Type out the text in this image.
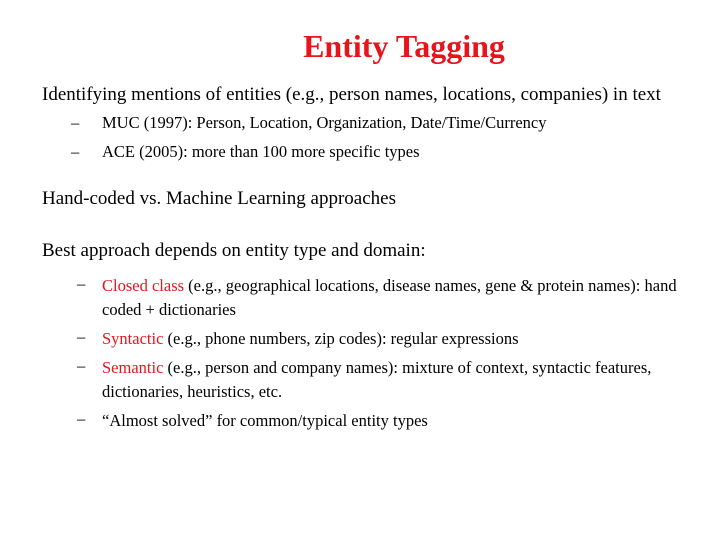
Entity Tagging

Identifying mentions of entities (e.g., person names, locations, companies) in text

– MUC (1997): Person, Location, Organization, Date/Time/Currency

– ACE (2005): more than 100 more specific types

Hand-coded vs. Machine Learning approaches

Best approach depends on entity type and domain:

– Closed class (e.g., geographical locations, disease names, gene & protein names): hand coded + dictionaries

– Syntactic (e.g., phone numbers, zip codes): regular expressions

– Semantic (e.g., person and company names): mixture of context, syntactic features, dictionaries, heuristics, etc.

– “Almost solved” for common/typical entity types
